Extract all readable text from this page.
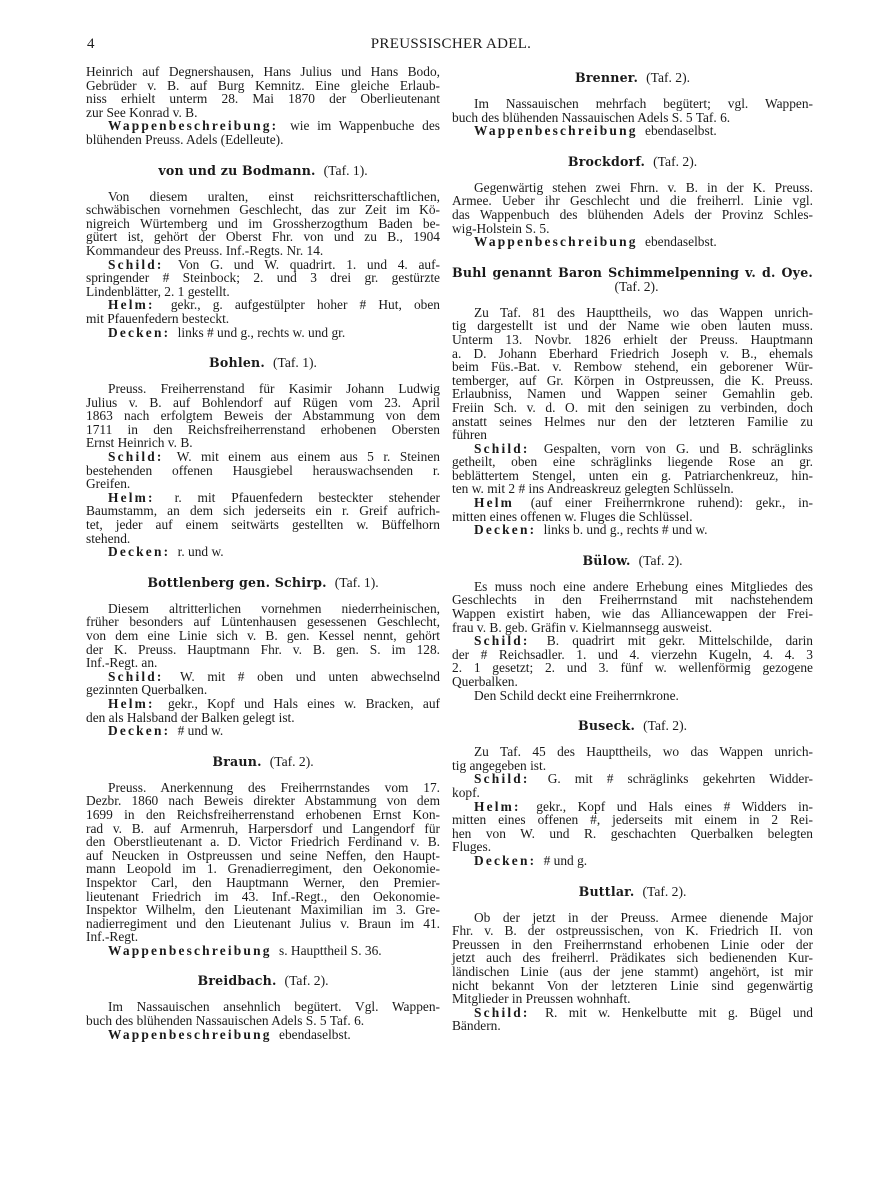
4	PREUSSISCHER ADEL.
Heinrich auf Degnershausen, Hans Julius und Hans Bodo,
Gebrüder v. B. auf Burg Kemnitz. Eine gleiche Erlaub-
niss erhielt unterm 28. Mai 1870 der Oberlieutenant
zur See Konrad v. B.
Wappenbeschreibung: wie im Wappenbuche des
blühenden Preuss. Adels (Edelleute).
von und zu Bodmann. (Taf. 1).
Von diesem uralten, einst reichsritterschaftlichen,
schwäbischen vornehmen Geschlecht, das zur Zeit im Kö-
nigreich Würtemberg und im Grossherzogthum Baden be-
gütert ist, gehört der Oberst Fhr. von und zu B., 1904
Kommandeur des Preuss. Inf.-Regts. Nr. 14.
Schild: Von G. und W. quadrirt. 1. und 4. auf-
springender # Steinbock; 2. und 3 drei gr. gestürzte
Lindenblätter, 2. 1 gestellt.
Helm: gekr., g. aufgestülpter hoher # Hut, oben
mit Pfauenfedern besteckt.
Decken: links # und g., rechts w. und gr.
Bohlen. (Taf. 1).
Preuss. Freiherrenstand für Kasimir Johann Ludwig
Julius v. B. auf Bohlendorf auf Rügen vom 23. April
1863 nach erfolgtem Beweis der Abstammung von dem
1711 in den Reichsfreiherrenstand erhobenen Obersten
Ernst Heinrich v. B.
Schild: W. mit einem aus einem aus 5 r. Steinen
bestehenden offenen Hausgiebel herauswachsenden r.
Greifen.
Helm: r. mit Pfauenfedern besteckter stehender
Baumstamm, an dem sich jederseits ein r. Greif aufrich-
tet, jeder auf einem seitwärts gestellten w. Büffelhorn
stehend.
Decken: r. und w.
Bottlenberg gen. Schirp. (Taf. 1).
Diesem altritterlichen vornehmen niederrheinischen,
früher besonders auf Lüntenhausen gesessenen Geschlecht,
von dem eine Linie sich v. B. gen. Kessel nennt, gehört
der K. Preuss. Hauptmann Fhr. v. B. gen. S. im 128.
Inf.-Regt. an.
Schild: W. mit # oben und unten abwechselnd
gezinnten Querbalken.
Helm: gekr., Kopf und Hals eines w. Bracken, auf
den als Halsband der Balken gelegt ist.
Decken: # und w.
Braun. (Taf. 2).
Preuss. Anerkennung des Freiherrnstandes vom 17.
Dezbr. 1860 nach Beweis direkter Abstammung von dem
1699 in den Reichsfreiherrenstand erhobenen Ernst Kon-
rad v. B. auf Armenruh, Harpersdorf und Langendorf für
den Oberstlieutenant a. D. Victor Friedrich Ferdinand v. B.
auf Neucken in Ostpreussen und seine Neffen, den Haupt-
mann Leopold im 1. Grenadierregiment, den Oekonomie-
Inspektor Carl, den Hauptmann Werner, den Premier-
lieutenant Friedrich im 43. Inf.-Regt., den Oekonomie-
Inspektor Wilhelm, den Lieutenant Maximilian im 3. Gre-
nadierregiment und den Lieutenant Julius v. Braun im 41.
Inf.-Regt.
Wappenbeschreibung s. Haupttheil S. 36.
Breidbach. (Taf. 2).
Im Nassauischen ansehnlich begütert. Vgl. Wappen-
buch des blühenden Nassauischen Adels S. 5 Taf. 6.
Wappenbeschreibung ebendaselbst.
Brenner. (Taf. 2).
Im Nassauischen mehrfach begütert; vgl. Wappen-
buch des blühenden Nassauischen Adels S. 5 Taf. 6.
Wappenbeschreibung ebendaselbst.
Brockdorf. (Taf. 2).
Gegenwärtig stehen zwei Fhrn. v. B. in der K. Preuss.
Armee. Ueber ihr Geschlecht und die freiherrl. Linie vgl.
das Wappenbuch des blühenden Adels der Provinz Schles-
wig-Holstein S. 5.
Wappenbeschreibung ebendaselbst.
Buhl genannt Baron Schimmelpenning v. d. Oye.(Taf. 2).
Zu Taf. 81 des Haupttheils, wo das Wappen unrich-
tig dargestellt ist und der Name wie oben lauten muss.
Unterm 13. Novbr. 1826 erhielt der Preuss. Hauptmann
a. D. Johann Eberhard Friedrich Joseph v. B., ehemals
beim Füs.-Bat. v. Rembow stehend, ein geborener Wür-
temberger, auf Gr. Körpen in Ostpreussen, die K. Preuss.
Erlaubniss, Namen und Wappen seiner Gemahlin geb.
Freiin Sch. v. d. O. mit den seinigen zu verbinden, doch
anstatt seines Helmes nur den der letzteren Familie zu
führen
Schild: Gespalten, vorn von G. und B. schräglinks
getheilt, oben eine schräglinks liegende Rose an gr.
beblättertem Stengel, unten ein g. Patriarchenkreuz, hin-
ten w. mit 2 # ins Andreaskreuz gelegten Schlüsseln.
Helm (auf einer Freiherrnkrone ruhend): gekr., in-
mitten eines offenen w. Fluges die Schlüssel.
Decken: links b. und g., rechts # und w.
Bülow. (Taf. 2).
Es muss noch eine andere Erhebung eines Mitgliedes des
Geschlechts in den Freiherrnstand mit nachstehendem
Wappen existirt haben, wie das Alliancewappen der Frei-
frau v. B. geb. Gräfin v. Kielmannsegg ausweist.
Schild: B. quadrirt mit gekr. Mittelschilde, darin
der # Reichsadler. 1. und 4. vierzehn Kugeln, 4. 4. 3
2. 1 gesetzt; 2. und 3. fünf w. wellenförmig gezogene
Querbalken.
Den Schild deckt eine Freiherrnkrone.
Buseck. (Taf. 2).
Zu Taf. 45 des Haupttheils, wo das Wappen unrich-
tig angegeben ist.
Schild: G. mit # schräglinks gekehrten Widder-
kopf.
Helm: gekr., Kopf und Hals eines # Widders in-
mitten eines offenen #, jederseits mit einem in 2 Rei-
hen von W. und R. geschachten Querbalken belegten
Fluges.
Decken: # und g.
Buttlar. (Taf. 2).
Ob der jetzt in der Preuss. Armee dienende Major
Fhr. v. B. der ostpreussischen, von K. Friedrich II. von
Preussen in den Freiherrnstand erhobenen Linie oder der
jetzt auch des freiherrl. Prädikates sich bedienenden Kur-
ländischen Linie (aus der jene stammt) angehört, ist mir
nicht bekannt Von der letzteren Linie sind gegenwärtig
Mitglieder in Preussen wohnhaft.
Schild: R. mit w. Henkelbutte mit g. Bügel und
Bändern.
